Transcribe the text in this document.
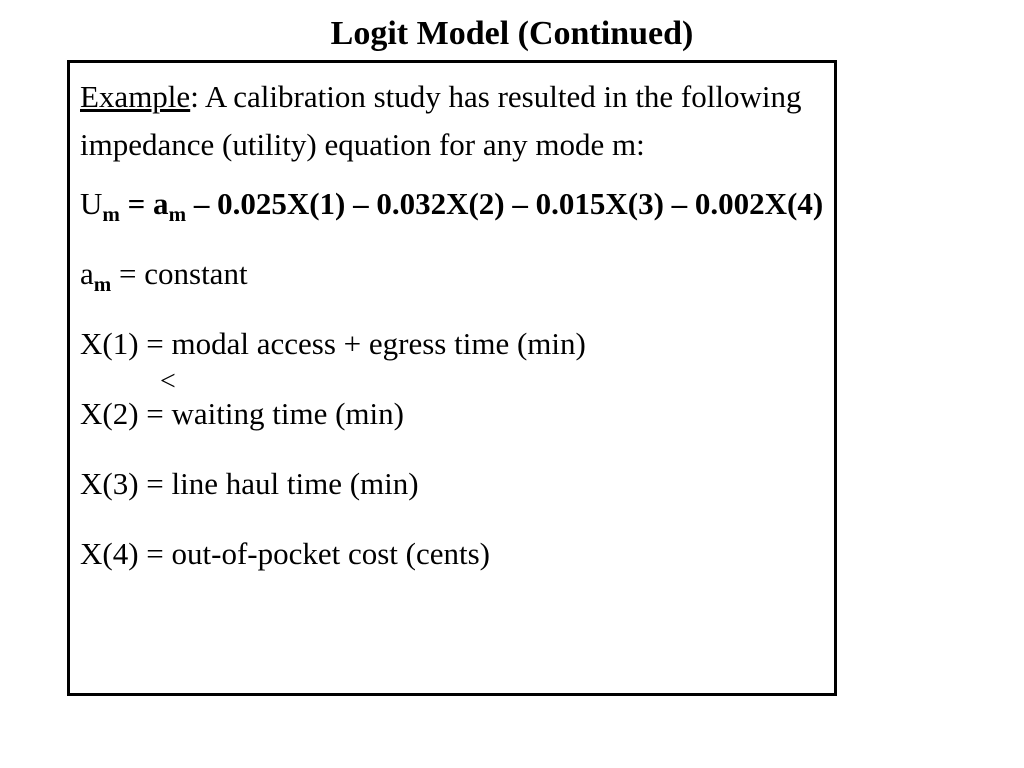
Logit Model (Continued)

Example: A calibration study has resulted in the following impedance (utility) equation for any mode m:

$U_m = a_m - 0.025X(1) - 0.032X(2) - 0.015X(3) - 0.002X(4)$

$a_m$ = constant

X(1) = modal access + egress time (min)

X(2) = waiting time (min)

X(3) = line haul time (min)

X(4) = out-of-pocket cost (cents)

<
